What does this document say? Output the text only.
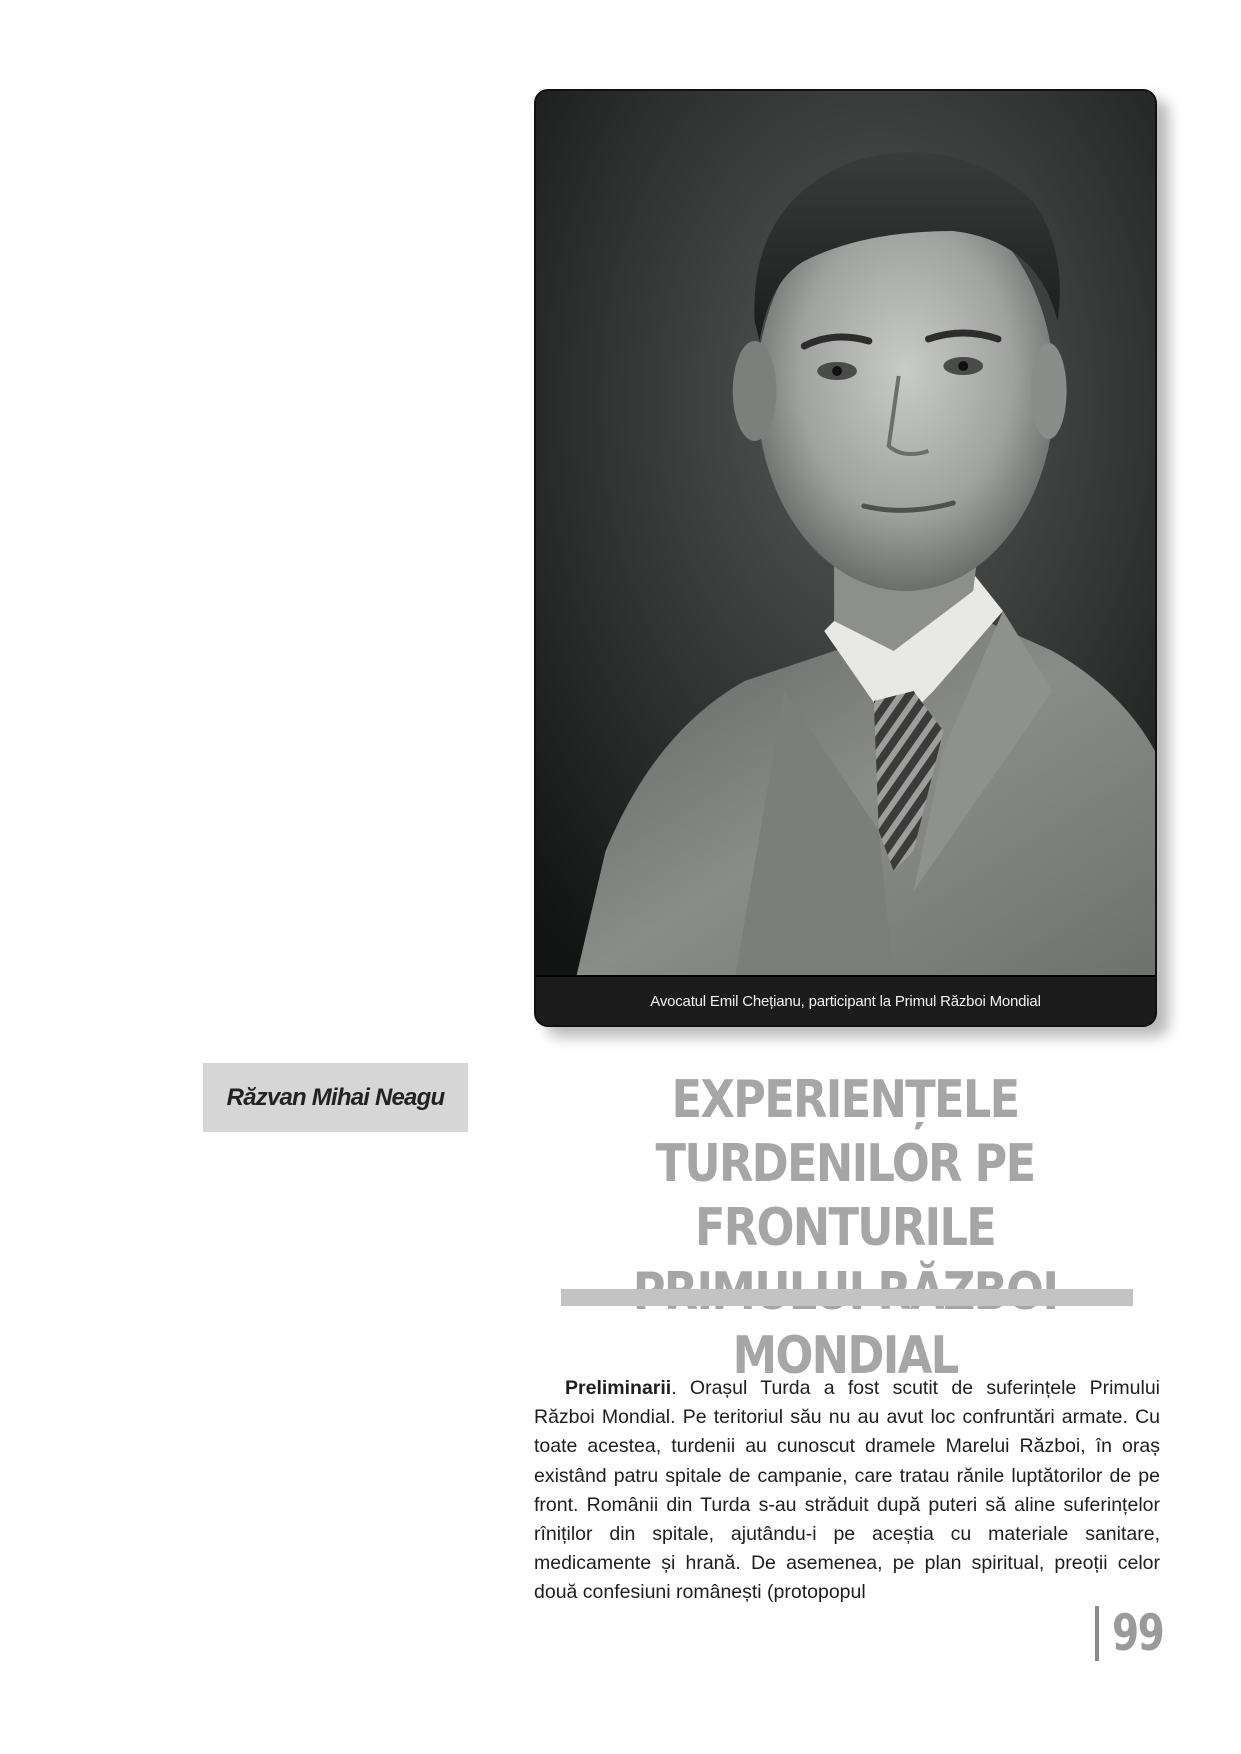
Avocatul Emil Chețianu, participant la Primul Război Mondial
Răzvan Mihai Neagu	EXPERIENȚELE TURDENILOR PE FRONTURILE MONDIAL

Preliminarii. Orașul Turda a fost scutit de suferințele Primului Război Mondial. Pe teritoriul său nu au avut loc confruntări armate. Cu toate acestea, turdenii au cunoscut dramele Marelui Război, în oraș existând patru spitale de campanie, care tratau rănile luptătorilor de pe front. Românii din Turda s-au străduit după puteri să aline suferințelor rîniților din spitale, ajutându-i pe aceștia cu materiale sanitare, medicamente și hrană. De asemenea, pe plan spiritual, preoții celor două confesiuni românești (protopopul

99
